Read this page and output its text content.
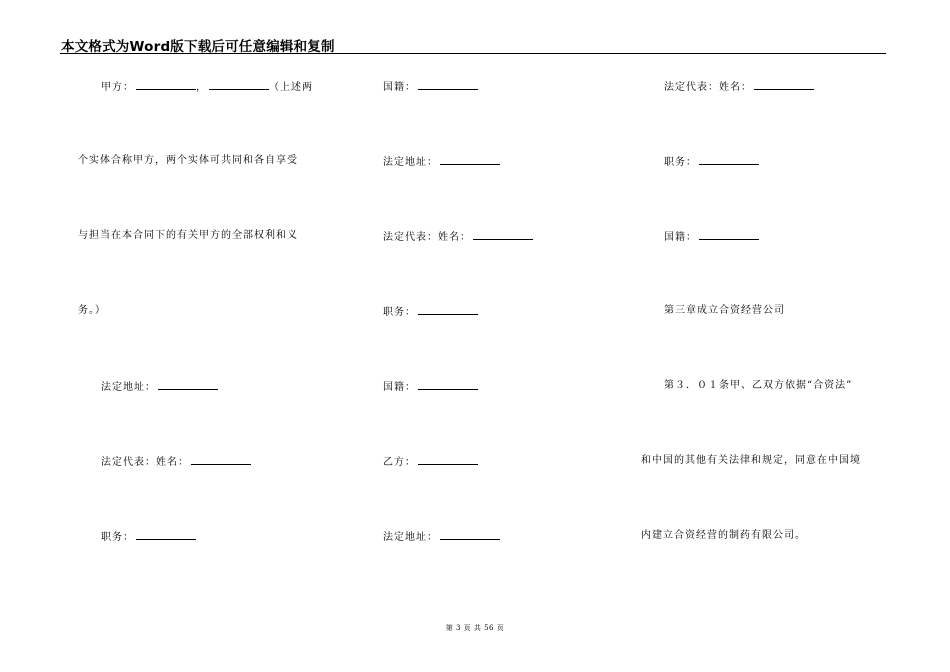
本文格式为Word版下载后可任意编辑和复制
甲方：	，	（上述两
个实体合称甲方，两个实体可共同和各自享受
与担当在本合同下的有关甲方的全部权利和义
务。）
法定地址：
法定代表：姓名：
职务：
国籍：
法定地址：
法定代表：姓名：
职务：
国籍：
乙方：
法定地址：
法定代表：姓名：
职务：
国籍：
第三章成立合资经营公司
第３．０１条甲、乙双方依据“合资法”
和中国的其他有关法律和规定，同意在中国境
内建立合资经营的制药有限公司。
第 3 页 共 56 页
